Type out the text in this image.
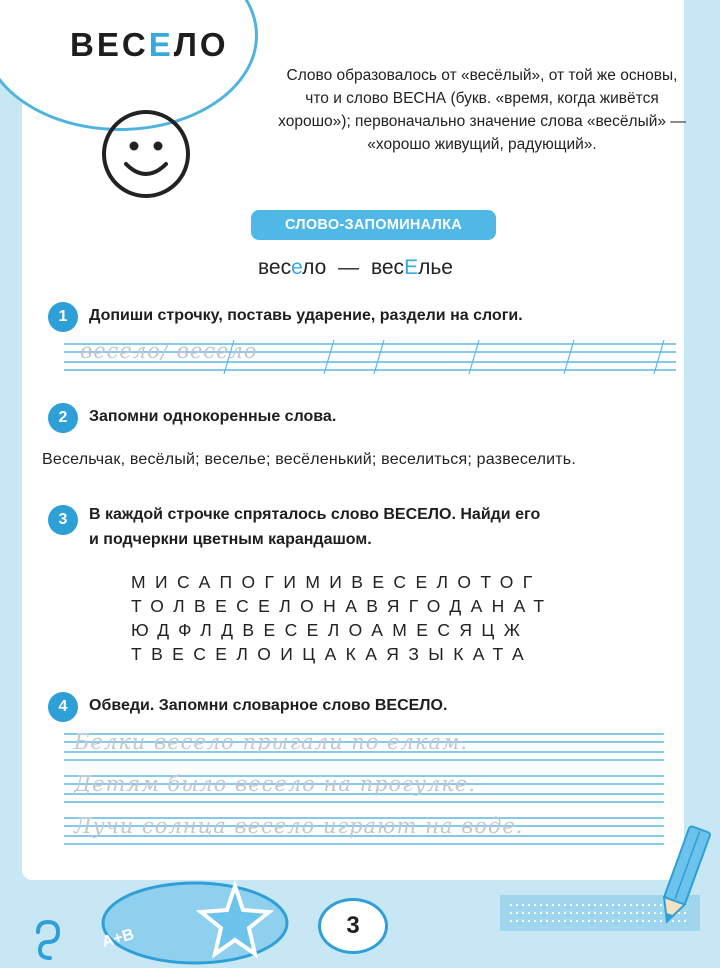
ВЕСЕЛО
Слово образовалось от «весёлый», от той же основы, что и слово ВЕСНА (букв. «время, когда живётся хорошо»); первоначально значение слова «весёлый» — «хорошо живущий, радующий».
СЛОВО-ЗАПОМИНАЛКА
весело — весЕлье
1	Допиши строчку, поставь ударение, раздели на слоги.
весело/ весело
2	Запомни однокоренные слова.
Весельчак, весёлый; веселье; весёленький; веселиться; развеселить.
3	В каждой строчке спряталось слово ВЕСЕЛО. Найди его
и подчеркни цветным карандашом.
МИСАПОГИМИВЕСЕЛОТОГ
ТОЛВЕСЕЛОНАВЯГОДАНАТ
ЮДФЛДВЕСЕЛОАМЕСЯЦЖ
ТВЕСЕЛОИЦАКАЯЗЫКАТА
4	Обведи. Запомни словарное слово ВЕСЕЛО.
Белки весело прыгали по ёлкам.
Детям было весело на прогулке.
Лучи солнца весело играют на воде.
А+В	3
